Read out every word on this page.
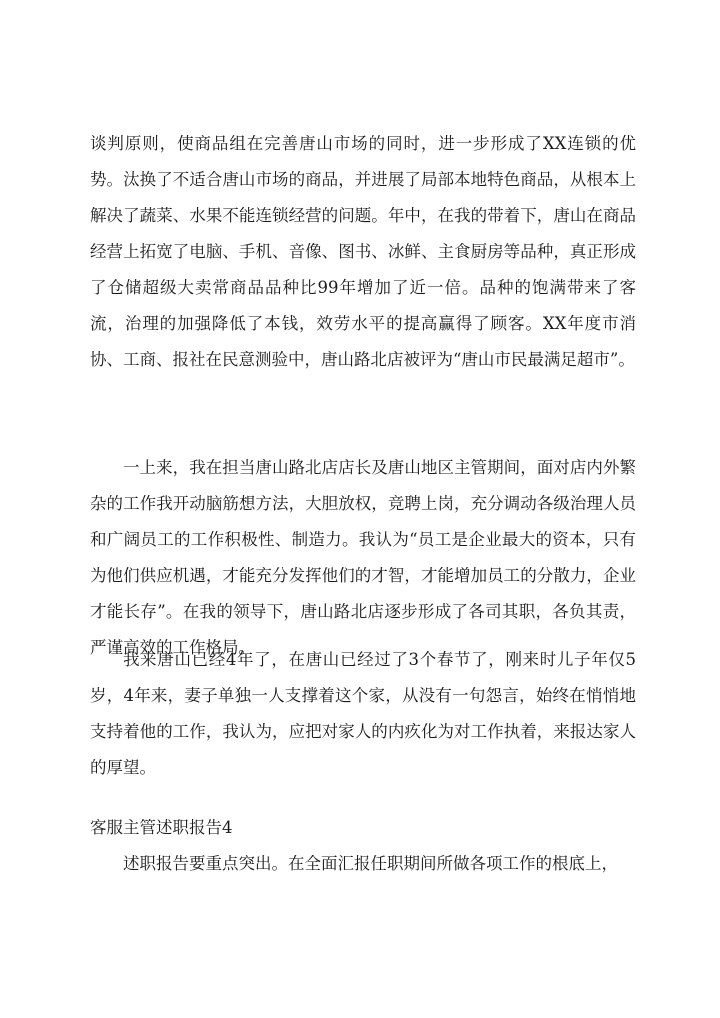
谈判原则，使商品组在完善唐山市场的同时，进一步形成了XX连锁的优势。汰换了不适合唐山市场的商品，并进展了局部本地特色商品，从根本上解决了蔬菜、水果不能连锁经营的问题。年中，在我的带着下，唐山在商品经营上拓宽了电脑、手机、音像、图书、冰鲜、主食厨房等品种，真正形成了仓储超级大卖常商品品种比99年增加了近一倍。品种的饱满带来了客流，治理的加强降低了本钱，效劳水平的提高赢得了顾客。XX年度市消协、工商、报社在民意测验中，唐山路北店被评为“唐山市民最满足超市”。

一上来，我在担当唐山路北店店长及唐山地区主管期间，面对店内外繁杂的工作我开动脑筋想方法，大胆放权，竞聘上岗，充分调动各级治理人员和广阔员工的工作积极性、制造力。我认为“员工是企业最大的资本，只有为他们供应机遇，才能充分发挥他们的才智，才能增加员工的分散力，企业才能长存”。在我的领导下，唐山路北店逐步形成了各司其职，各负其责，严谨高效的工作格局。

我来唐山已经4年了，在唐山已经过了3个春节了，刚来时儿子年仅5岁，4年来，妻子单独一人支撑着这个家，从没有一句怨言，始终在悄悄地支持着他的工作，我认为，应把对家人的内疚化为对工作执着，来报达家人的厚望。

客服主管述职报告4

述职报告要重点突出。在全面汇报任职期间所做各项工作的根底上，
